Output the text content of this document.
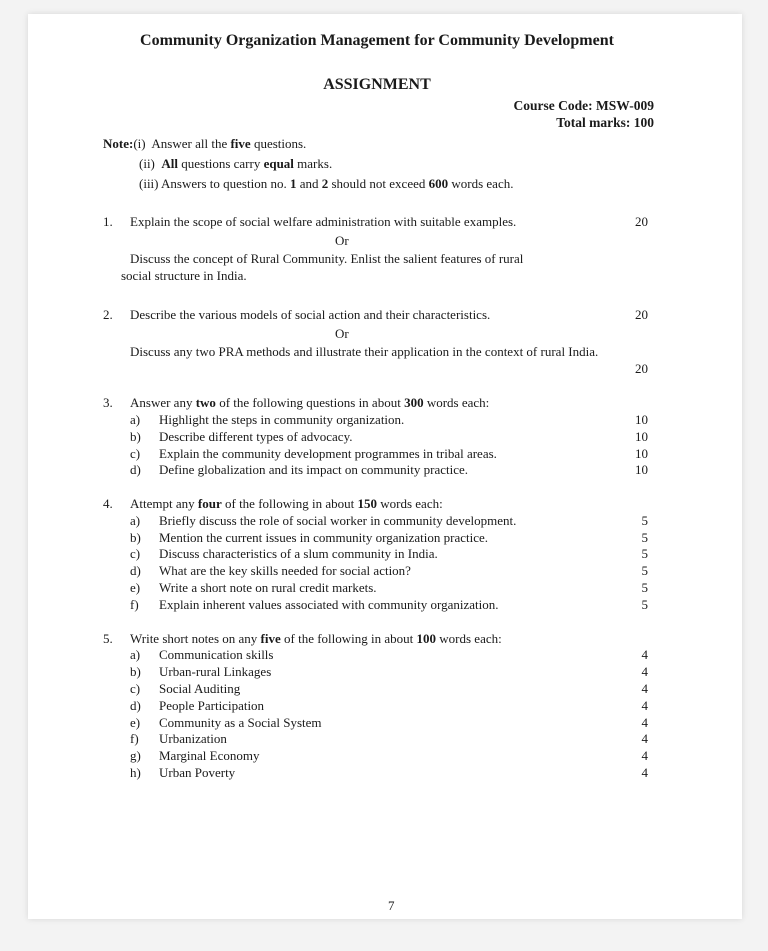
Community Organization Management for Community Development
ASSIGNMENT
Course Code: MSW-009
Total marks: 100
Note:(i) Answer all the five questions.
(ii) All questions carry equal marks.
(iii) Answers to question no. 1 and 2 should not exceed 600 words each.
1.	Explain the scope of social welfare administration with suitable examples.	20
Or
Discuss the concept of Rural Community. Enlist the salient features of rural
social structure in India.
2.	Describe the various models of social action and their characteristics.	20
Or
Discuss any two PRA methods and illustrate their application in the context of rural India.
20
3.	Answer any two of the following questions in about 300 words each:
a)	Highlight the steps in community organization.	10
b)	Describe different types of advocacy.	10
c)	Explain the community development programmes in tribal areas.	10
d)	Define globalization and its impact on community practice.	10
4.	Attempt any four of the following in about 150 words each:
a)	Briefly discuss the role of social worker in community development.	5
b)	Mention the current issues in community organization practice.	5
c)	Discuss characteristics of a slum community in India.	5
d)	What are the key skills needed for social action?	5
e)	Write a short note on rural credit markets.	5
f)	Explain inherent values associated with community organization.	5
5.	Write short notes on any five of the following in about 100 words each:
a)	Communication skills	4
b)	Urban-rural Linkages	4
c)	Social Auditing	4
d)	People Participation	4
e)	Community as a Social System	4
f)	Urbanization	4
g)	Marginal Economy	4
h)	Urban Poverty	4
7
